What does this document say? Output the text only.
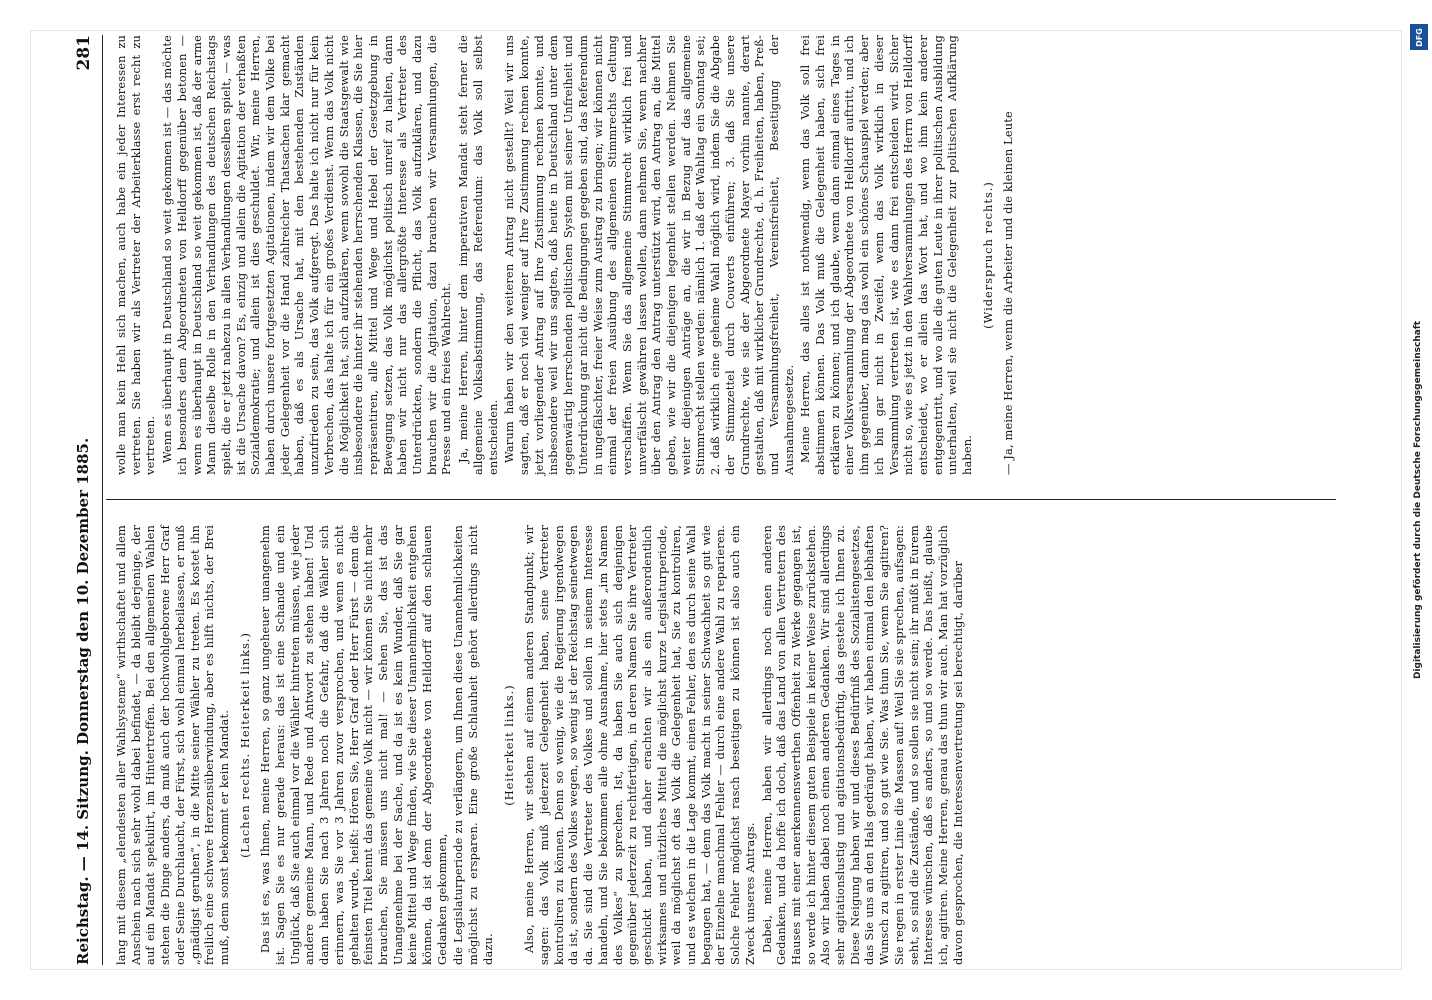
DFG
Digitalisierung gefördert durch die Deutsche Forschungsgemeinschaft
Reichstag. — 14. Sitzung. Donnerstag den 10. Dezember 1885.
281

lang mit diesem „elendesten aller Wahlsysteme“ wirthschaftet und allem Anschein nach sich sehr wohl dabei befindet, — da bleibt derjenige, der auf ein Mandat spekulirt, im Hintertreffen. Bei den allgemeinen Wahlen stehen die Dinge anders, da muß auch der hochwohlgeborene Herr Graf oder Seine Durchlaucht, der Fürst, sich wohl einmal herbeilassen, er muß „gnädigst geruhen“, in die Mitte seiner Wähler zu treten. Es kostet ihn freilich eine schwere Herzensüberwindung, aber es hilft nichts, der Brei muß, denn sonst bekommt er kein Mandat. (Lachen rechts. Heiterkeit links.) Das ist es, was Ihnen, meine Herren, so ganz ungeheuer unangenehm ist. Sagen Sie es nur gerade heraus: das ist eine Schande und ein Unglück, daß Sie auch einmal vor die Wähler hintreten müssen, wie jeder andere gemeine Mann, und Rede und Antwort zu stehen haben! Und dann haben Sie nach 3 Jahren noch die Gefahr, daß die Wähler sich erinnern, was Sie vor 3 Jahren zuvor versprochen, und wenn es nicht gehalten wurde, heißt: Hören Sie, Herr Graf oder Herr Fürst — denn die feinsten Titel kennt das gemeine Volk nicht — wir können Sie nicht mehr brauchen, Sie müssen uns nicht mal! — Sehen Sie, das ist das Unangenehme bei der Sache, und da ist es kein Wunder, daß Sie gar keine Mittel und Wege finden, wie Sie dieser Unannehmlichkeit entgehen können, da ist denn der Abgeordnete von Helldorff auf den schlauen Gedanken gekommen, die Legislaturperiode zu verlängern, um Ihnen diese Unannehmlichkeiten möglichst zu ersparen. Eine große Schlauheit gehört allerdings nicht dazu.

(Heiterkeit links.) Also, meine Herren, wir stehen auf einem anderen Standpunkt; wir sagen: das Volk muß jederzeit Gelegenheit haben, seine Vertreter kontroliren zu können. Denn so wenig, wie die Regierung irgendwegen da ist, sondern des Volkes wegen, so wenig ist der Reichstag seinetwegen da. Sie sind die Vertreter des Volkes und sollen in seinem Interesse handeln, und Sie bekommen alle ohne Ausnahme, hier stets „im Namen des Volkes“ zu sprechen. Ist, da haben Sie auch sich denjenigen gegenüber jederzeit zu rechtfertigen, in deren Namen Sie ihre Vertreter geschickt haben, und daher erachten wir als ein außerordentlich wirksames und nützliches Mittel die möglichst kurze Legislaturperiode, weil da möglichst oft das Volk die Gelegenheit hat, Sie zu kontroliren, und es welchen in die Lage kommt, einen Fehler, den es durch seine Wahl begangen hat, — denn das Volk macht in seiner Schwachheit so gut wie der Einzelne manchmal Fehler — durch eine andere Wahl zu reparieren. Solche Fehler möglichst rasch beseitigen zu können ist also auch ein Zweck unseres Antrags. Dabei, meine Herren, haben wir allerdings noch einen anderen Gedanken, und da hoffe ich doch, daß das Land von allen Vertretern des Hauses mit einer anerkennenswerthen Offenheit zu Werke gegangen ist, so werde ich hinter diesem guten Beispiele in keiner Weise zurückstehen. Also wir haben dabei noch einen anderen Gedanken. Wir sind allerdings sehr agitationslustig und agitationsbedürftig, das gestehe ich Ihnen zu. Diese Neigung haben wir und dieses Bedürfniß des Sozialistengesetzes, das Sie uns an den Hals gedrängt haben, wir haben einmal den lebhaften Wunsch zu agitiren, und so gut wie Sie. Was thun Sie, wenn Sie agitiren? Sie regen in erster Linie die Massen auf! Weil Sie sie sprechen, aufsagen: seht, so sind die Zustände, und so sollen sie nicht sein; ihr müßt in Eurem Interesse wünschen, daß es anders, so und so werde. Das heißt, glaube ich, agitiren. Meine Herren, genau das thun wir auch. Man hat vorzüglich davon gesprochen, die Interessenvertretung sei berechtigt, darüber

wolle man kein Hehl sich machen, auch habe ein jeder Interessen zu vertreten. Sie haben wir als Vertreter der Arbeiterklasse erst recht zu vertreten. Wenn es überhaupt in Deutschland so weit gekommen ist — das möchte ich besonders dem Abgeordneten von Helldorff gegenüber betonen — wenn es überhaupt in Deutschland so weit gekommen ist, daß der arme Mann dieselbe Rolle in den Verhandlungen des deutschen Reichstags spielt, die er jetzt nahezu in allen Verhandlungen desselben spielt, — was ist die Ursache davon? Es, einzig und allein die Agitation der verhaßten Sozialdemokratie; und allein ist dies geschuldet. Wir, meine Herren, haben durch unsere fortgesetzten Agitationen, indem wir dem Volke bei jeder Gelegenheit vor die Hand zahlreicher Thatsachen klar gemacht haben, daß es als Ursache hat, mit den bestehenden Zuständen unzufrieden zu sein, das Volk aufgeregt. Das halte ich nicht nur für kein Verbrechen, das halte ich für ein großes Verdienst. Wenn das Volk nicht die Möglichkeit hat, sich aufzuklären, wenn sowohl die Staatsgewalt wie insbesondere die hinter ihr stehenden herrschenden Klassen, die Sie hier repräsentiren, alle Mittel und Wege und Hebel der Gesetzgebung in Bewegung setzen, das Volk möglichst politisch unreif zu halten, dann haben wir nicht nur das allergrößte Interesse als Vertreter des Unterdrückten, sondern die Pflicht, das Volk aufzuklären, und dazu brauchen wir die Agitation, dazu brauchen wir Versammlungen, die Presse und ein freies Wahlrecht. Ja, meine Herren, hinter dem imperativen Mandat steht ferner die allgemeine Volksabstimmung, das Referendum: das Volk soll selbst entscheiden. Warum haben wir den weiteren Antrag nicht gestellt? Weil wir uns sagten, daß er noch viel weniger auf Ihre Zustimmung rechnen konnte, jetzt vorliegender Antrag auf Ihre Zustimmung rechnen konnte, und insbesondere weil wir uns sagten, daß heute in Deutschland unter dem gegenwärtig herrschenden politischen System mit seiner Unfreiheit und Unterdrückung gar nicht die Bedingungen gegeben sind, das Referendum in ungefälschter, freier Weise zum Austrag zu bringen; wir können nicht einmal der freien Ausübung des allgemeinen Stimmrechts Geltung verschaffen. Wenn Sie das allgemeine Stimmrecht wirklich frei und unverfälscht gewähren lassen wollen, dann nehmen Sie, wenn nachher über den Antrag den Antrag unterstützt wird, den Antrag an, die Mittel geben, wie wir die diejenigen legenheit stellen werden. Nehmen Sie weiter diejenigen Anträge an, die wir in Bezug auf das allgemeine Stimmrecht stellen werden: nämlich 1. daß der Wahltag ein Sonntag sei; 2. daß wirklich eine geheime Wahl möglich wird, indem Sie die Abgabe der Stimmzettel durch Couverts einführen; 3. daß Sie unsere Grundrechte, wie sie der Abgeordnete Mayer vorhin nannte, derart gestalten, daß mit wirklicher Grundrechte, d. h. Freiheiten, haben, Preß- und Versammlungsfreiheit, Vereinsfreiheit, Beseitigung der Ausnahmegesetze. Meine Herren, das alles ist nothwendig, wenn das Volk soll frei abstimmen können. Das Volk muß die Gelegenheit haben, sich frei erklären zu können; und ich glaube, wenn dann einmal eines Tages in einer Volksversammlung der Abgeordnete von Helldorff auftritt, und ich ihm gegenüber, dann mag das wohl ein schönes Schauspiel werden; aber ich bin gar nicht in Zweifel, wenn das Volk wirklich in dieser Versammlung vertreten ist, wie es dann frei entscheiden wird. Sicher nicht so, wie es jetzt in den Wahlversammlungen des Herrn von Helldorff entscheidet, wo er allein das Wort hat, und wo ihm kein anderer entgegentritt, und wo alle die guten Leute in ihrer politischen Ausbildung unterhalten, weil sie nicht die Gelegenheit zur politischen Aufklärung haben.

(Widerspruch rechts.) — Ja, meine Herren, wenn die Arbeiter und die kleinen Leute
